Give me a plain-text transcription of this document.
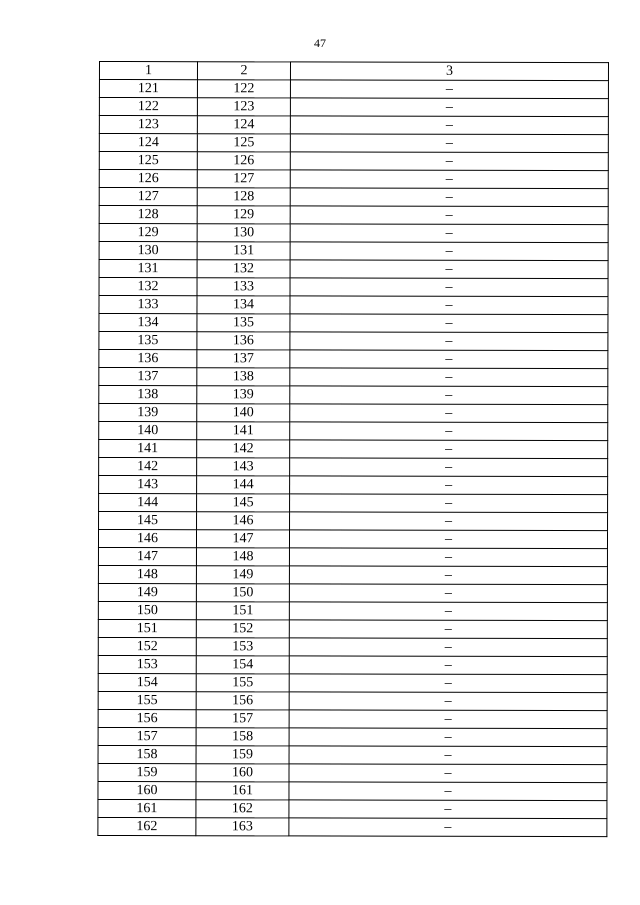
47
1	2	3
121	122	–
122	123	–
123	124	–
124	125	–
125	126	–
126	127	–
127	128	–
128	129	–
129	130	–
130	131	–
131	132	–
132	133	–
133	134	–
134	135	–
135	136	–
136	137	–
137	138	–
138	139	–
139	140	–
140	141	–
141	142	–
142	143	–
143	144	–
144	145	–
145	146	–
146	147	–
147	148	–
148	149	–
149	150	–
150	151	–
151	152	–
152	153	–
153	154	–
154	155	–
155	156	–
156	157	–
157	158	–
158	159	–
159	160	–
160	161	–
161	162	–
162	163	–
